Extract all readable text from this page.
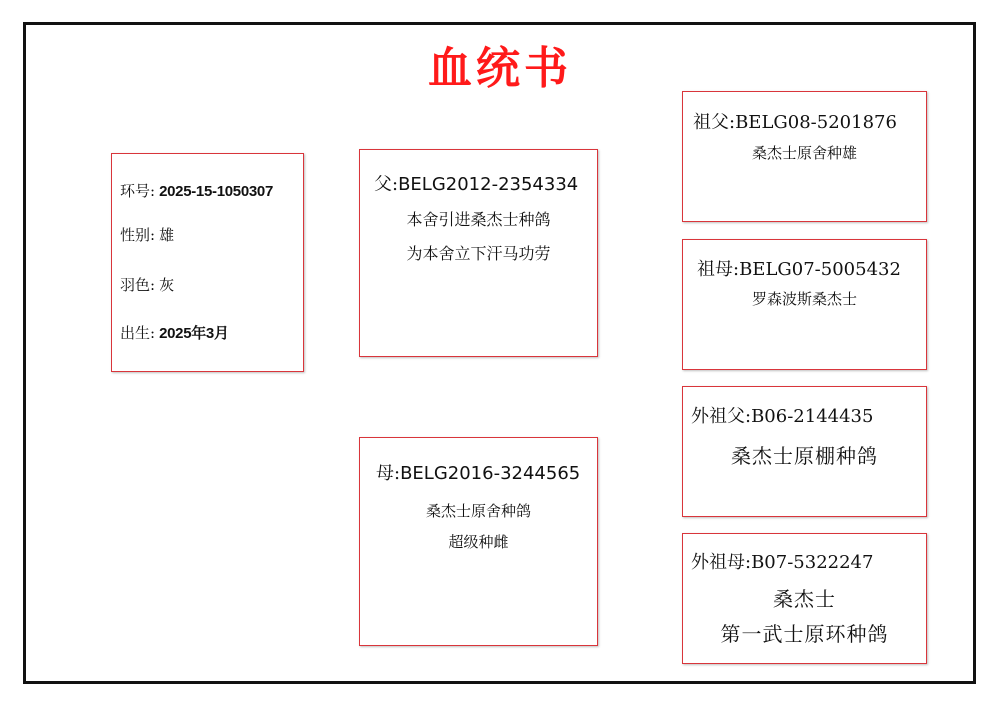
血统书
环号: 2025-15-1050307
性别: 雄
羽色: 灰
出生: 2025年3月
父:BELG2012-2354334
本舍引进桑杰士种鸽
为本舍立下汗马功劳
母:BELG2016-3244565
桑杰士原舍种鸽
超级种雌
祖父:BELG08-5201876
桑杰士原舍种雄
祖母:BELG07-5005432
罗森波斯桑杰士
外祖父:B06-2144435
桑杰士原棚种鸽
外祖母:B07-5322247
桑杰士
第一武士原环种鸽
